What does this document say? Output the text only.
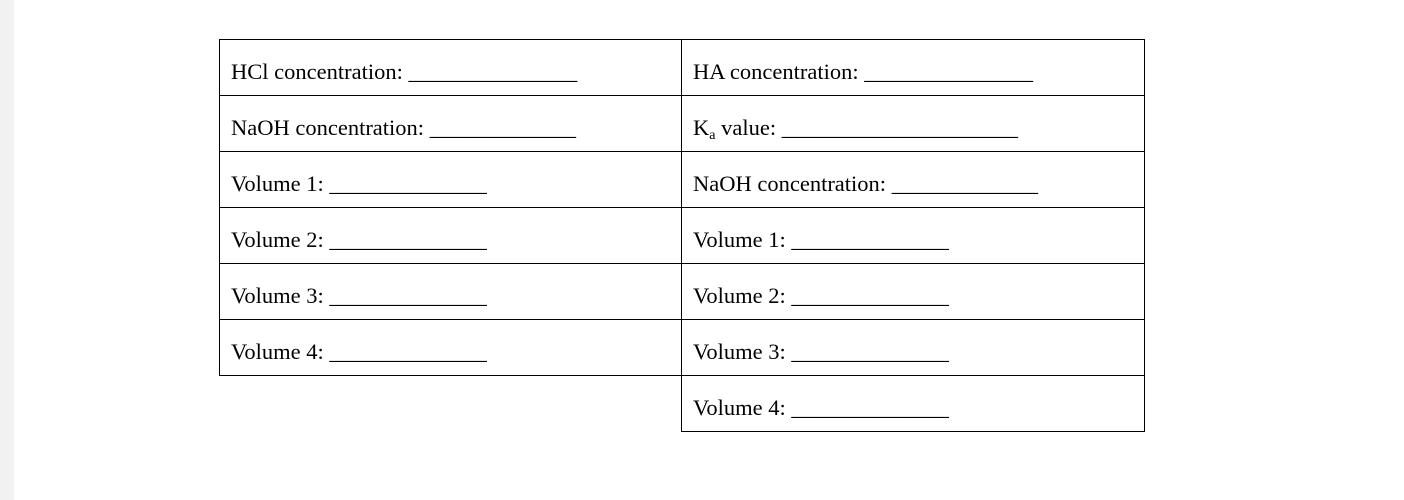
HCl concentration: _______________

NaOH concentration: _____________

Volume 1: ______________

Volume 2: ______________

Volume 3: ______________

Volume 4: ______________

HA concentration: _______________

$K_a$ value: _____________________

NaOH concentration: _____________

Volume 1: ______________

Volume 2: ______________

Volume 3: ______________

Volume 4: ______________
